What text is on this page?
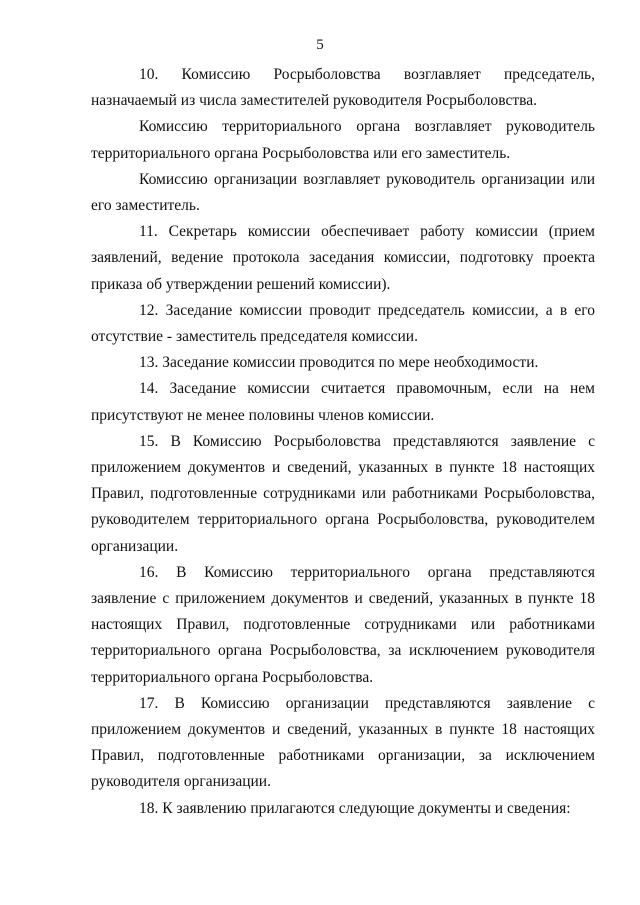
5

10. Комиссию Росрыболовства возглавляет председатель, назначаемый из числа заместителей руководителя Росрыболовства.

Комиссию территориального органа возглавляет руководитель территориального органа Росрыболовства или его заместитель.

Комиссию организации возглавляет руководитель организации или его заместитель.

11. Секретарь комиссии обеспечивает работу комиссии (прием заявлений, ведение протокола заседания комиссии, подготовку проекта приказа об утверждении решений комиссии).

12. Заседание комиссии проводит председатель комиссии, а в его отсутствие - заместитель председателя комиссии.

13. Заседание комиссии проводится по мере необходимости.

14. Заседание комиссии считается правомочным, если на нем присутствуют не менее половины членов комиссии.

15. В Комиссию Росрыболовства представляются заявление с приложением документов и сведений, указанных в пункте 18 настоящих Правил, подготовленные сотрудниками или работниками Росрыболовства, руководителем территориального органа Росрыболовства, руководителем организации.

16. В Комиссию территориального органа представляются заявление с приложением документов и сведений, указанных в пункте 18 настоящих Правил, подготовленные сотрудниками или работниками территориального органа Росрыболовства, за исключением руководителя территориального органа Росрыболовства.

17. В Комиссию организации представляются заявление с приложением документов и сведений, указанных в пункте 18 настоящих Правил, подготовленные работниками организации, за исключением руководителя организации.

18. К заявлению прилагаются следующие документы и сведения:
